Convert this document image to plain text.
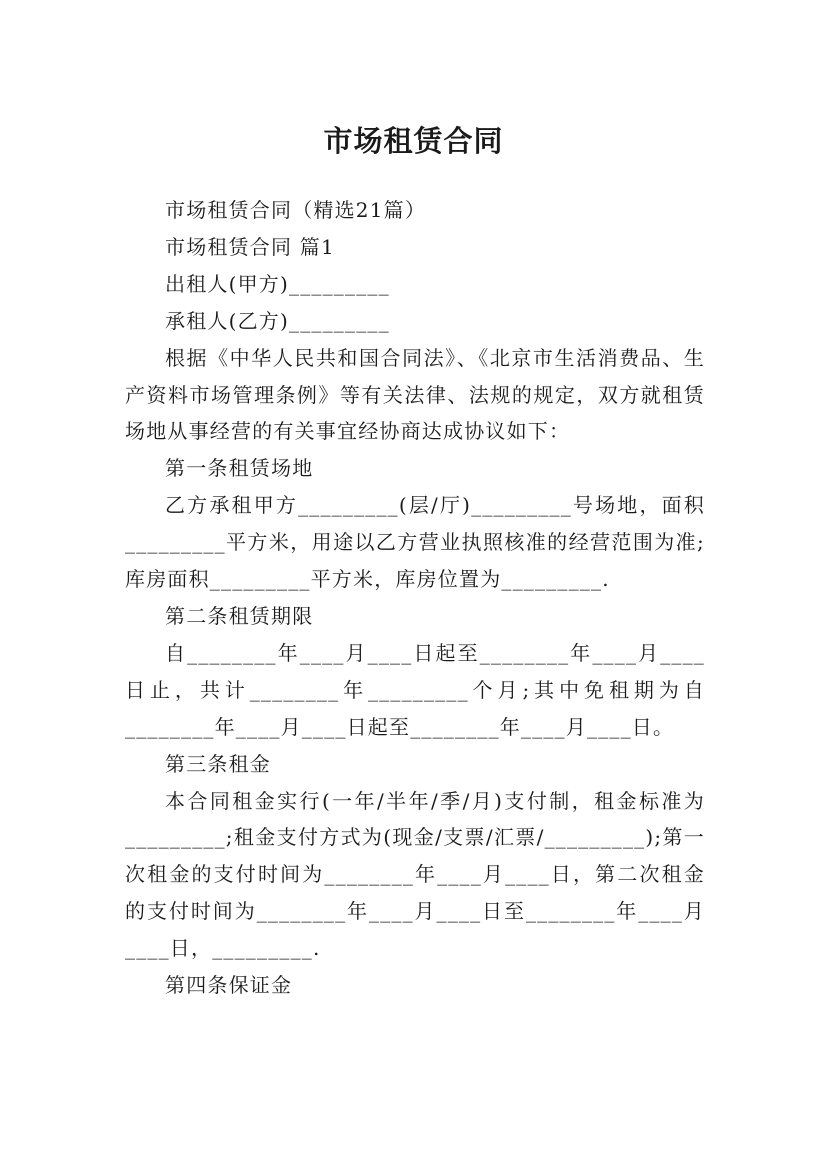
市场租赁合同

市场租赁合同（精选21篇）

市场租赁合同 篇1

出租人(甲方)_________

承租人(乙方)_________

根据《中华人民共和国合同法》、《北京市生活消费品、生产资料市场管理条例》等有关法律、法规的规定，双方就租赁场地从事经营的有关事宜经协商达成协议如下：

第一条租赁场地

乙方承租甲方_________(层/厅)_________号场地，面积_________平方米，用途以乙方营业执照核准的经营范围为准;库房面积_________平方米，库房位置为_________.

第二条租赁期限

自________年____月____日起至________年____月____日止，共计________年_________个月;其中免租期为自________年____月____日起至________年____月____日。

第三条租金

本合同租金实行(一年/半年/季/月)支付制，租金标准为_________;租金支付方式为(现金/支票/汇票/_________);第一次租金的支付时间为________年____月____日，第二次租金的支付时间为________年____月____日至________年____月____日，_________.

第四条保证金
